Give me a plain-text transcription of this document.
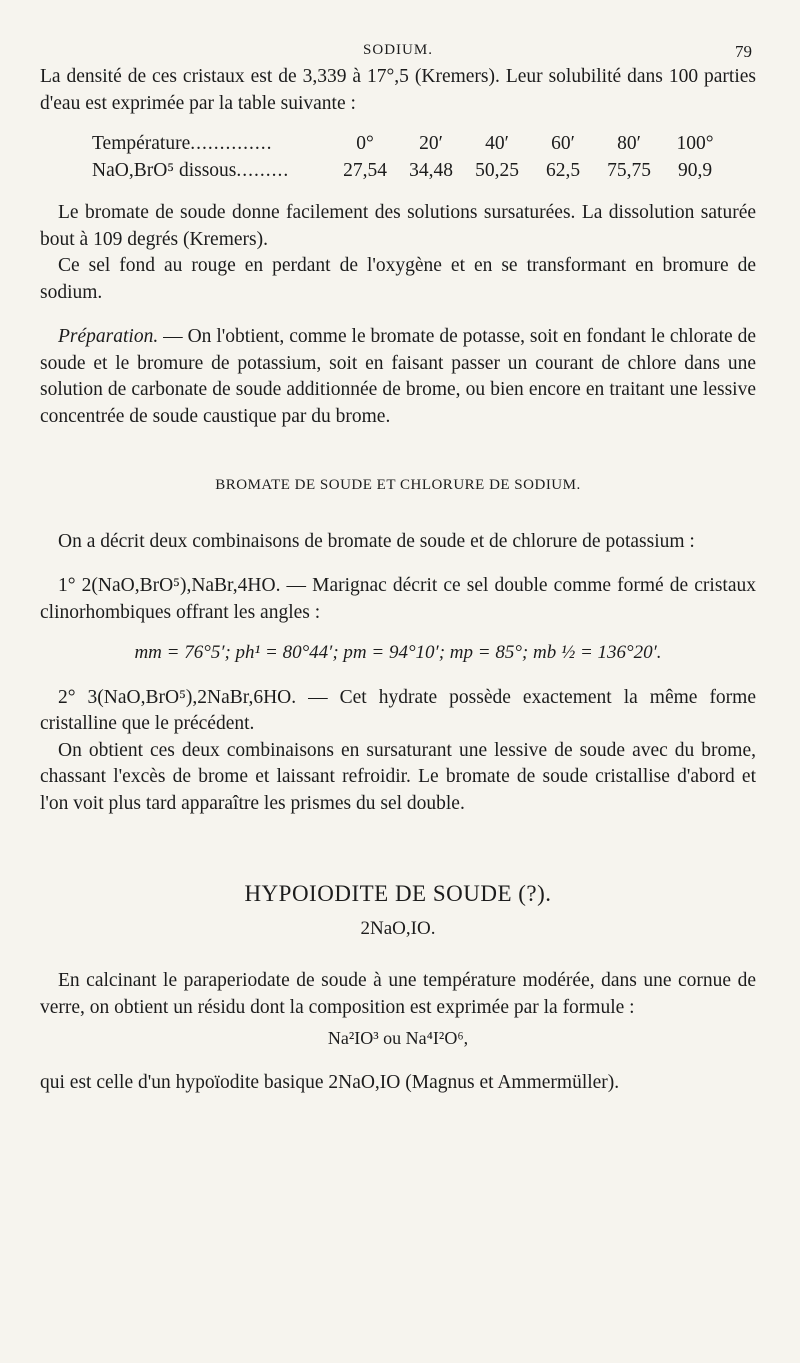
SODIUM.	79

La densité de ces cristaux est de 3,339 à 17°,5 (Kremers). Leur solubilité dans 100 parties d'eau est exprimée par la table suivante :

Température..............	0°	20′	40′	60′	80′	100°
NaO,BrO⁵ dissous.........	27,54	34,48	50,25	62,5	75,75	90,9

Le bromate de soude donne facilement des solutions sursaturées. La dissolution saturée bout à 109 degrés (Kremers).

Ce sel fond au rouge en perdant de l'oxygène et en se transformant en bromure de sodium.

Préparation. — On l'obtient, comme le bromate de potasse, soit en fondant le chlorate de soude et le bromure de potassium, soit en faisant passer un courant de chlore dans une solution de carbonate de soude additionnée de brome, ou bien encore en traitant une lessive concentrée de soude caustique par du brome.

BROMATE DE SOUDE ET CHLORURE DE SODIUM.

On a décrit deux combinaisons de bromate de soude et de chlorure de potassium :

1° 2(NaO,BrO⁵),NaBr,4HO. — Marignac décrit ce sel double comme formé de cristaux clinorhombiques offrant les angles :

mm = 76°5′; ph¹ = 80°44′; pm = 94°10′; mp = 85°; mb ½ = 136°20′.

2° 3(NaO,BrO⁵),2NaBr,6HO. — Cet hydrate possède exactement la même forme cristalline que le précédent.

On obtient ces deux combinaisons en sursaturant une lessive de soude avec du brome, chassant l'excès de brome et laissant refroidir. Le bromate de soude cristallise d'abord et l'on voit plus tard apparaître les prismes du sel double.

HYPOIODITE DE SOUDE (?).

2NaO,IO.

En calcinant le paraperiodate de soude à une température modérée, dans une cornue de verre, on obtient un résidu dont la composition est exprimée par la formule :

Na²IO³ ou Na⁴I²O⁶,

qui est celle d'un hypoïodite basique 2NaO,IO (Magnus et Ammermüller).
